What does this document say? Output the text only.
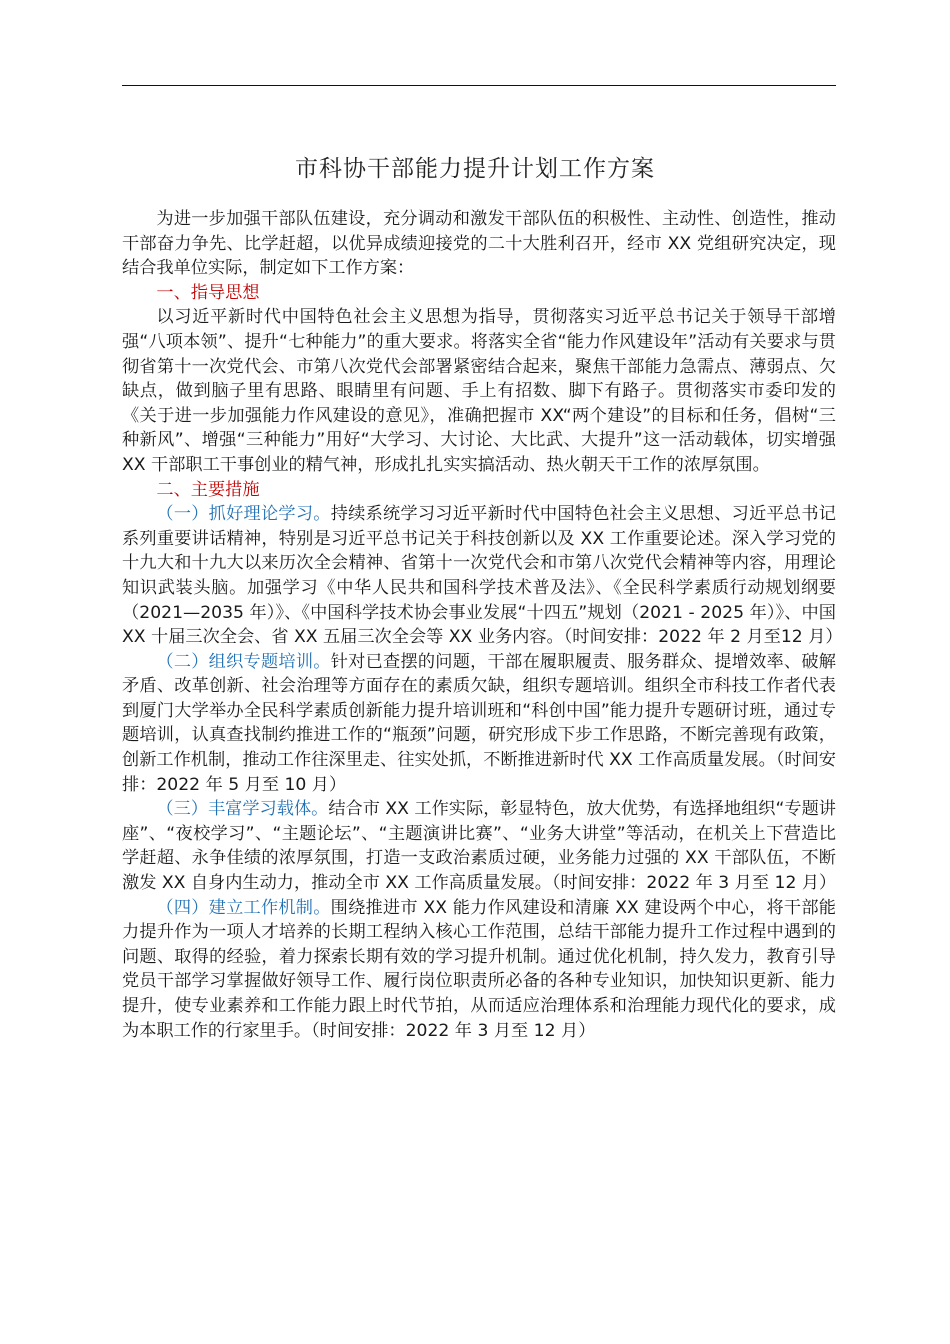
市科协干部能力提升计划工作方案

为进一步加强干部队伍建设，充分调动和激发干部队伍的积极性、主动性、创造性，推动干部奋力争先、比学赶超，以优异成绩迎接党的二十大胜利召开，经市 XX 党组研究决定，现结合我单位实际，制定如下工作方案：

一、指导思想

以习近平新时代中国特色社会主义思想为指导，贯彻落实习近平总书记关于领导干部增强“八项本领”、提升“七种能力”的重大要求。将落实全省“能力作风建设年”活动有关要求与贯彻省第十一次党代会、市第八次党代会部署紧密结合起来，聚焦干部能力急需点、薄弱点、欠缺点，做到脑子里有思路、眼睛里有问题、手上有招数、脚下有路子。贯彻落实市委印发的《关于进一步加强能力作风建设的意见》，准确把握市 XX“两个建设”的目标和任务，倡树“三种新风”、增强“三种能力”用好“大学习、大讨论、大比武、大提升”这一活动载体，切实增强 XX 干部职工干事创业的精气神，形成扎扎实实搞活动、热火朝天干工作的浓厚氛围。

二、主要措施

（一）抓好理论学习。持续系统学习习近平新时代中国特色社会主义思想、习近平总书记系列重要讲话精神，特别是习近平总书记关于科技创新以及 XX 工作重要论述。深入学习党的十九大和十九大以来历次全会精神、省第十一次党代会和市第八次党代会精神等内容，用理论知识武装头脑。加强学习《中华人民共和国科学技术普及法》、《全民科学素质行动规划纲要（2021—2035 年）》、《中国科学技术协会事业发展“十四五”规划（2021 - 2025 年）》、中国 XX 十届三次全会、省 XX 五届三次全会等 XX 业务内容。（时间安排：2022 年 2 月至12 月）

（二）组织专题培训。针对已查摆的问题，干部在履职履责、服务群众、提增效率、破解矛盾、改革创新、社会治理等方面存在的素质欠缺，组织专题培训。组织全市科技工作者代表到厦门大学举办全民科学素质创新能力提升培训班和“科创中国”能力提升专题研讨班，通过专题培训，认真查找制约推进工作的“瓶颈”问题，研究形成下步工作思路，不断完善现有政策，创新工作机制，推动工作往深里走、往实处抓，不断推进新时代 XX 工作高质量发展。（时间安排：2022 年 5 月至 10 月）

（三）丰富学习载体。结合市 XX 工作实际，彰显特色，放大优势，有选择地组织“专题讲座”、“夜校学习”、“主题论坛”、“主题演讲比赛”、“业务大讲堂”等活动，在机关上下营造比学赶超、永争佳绩的浓厚氛围，打造一支政治素质过硬，业务能力过强的 XX 干部队伍，不断激发 XX 自身内生动力，推动全市 XX 工作高质量发展。（时间安排：2022 年 3 月至 12 月）

（四）建立工作机制。围绕推进市 XX 能力作风建设和清廉 XX 建设两个中心，将干部能力提升作为一项人才培养的长期工程纳入核心工作范围，总结干部能力提升工作过程中遇到的问题、取得的经验，着力探索长期有效的学习提升机制。通过优化机制，持久发力，教育引导党员干部学习掌握做好领导工作、履行岗位职责所必备的各种专业知识，加快知识更新、能力提升，使专业素养和工作能力跟上时代节拍，从而适应治理体系和治理能力现代化的要求，成为本职工作的行家里手。（时间安排：2022 年 3 月至 12 月）
